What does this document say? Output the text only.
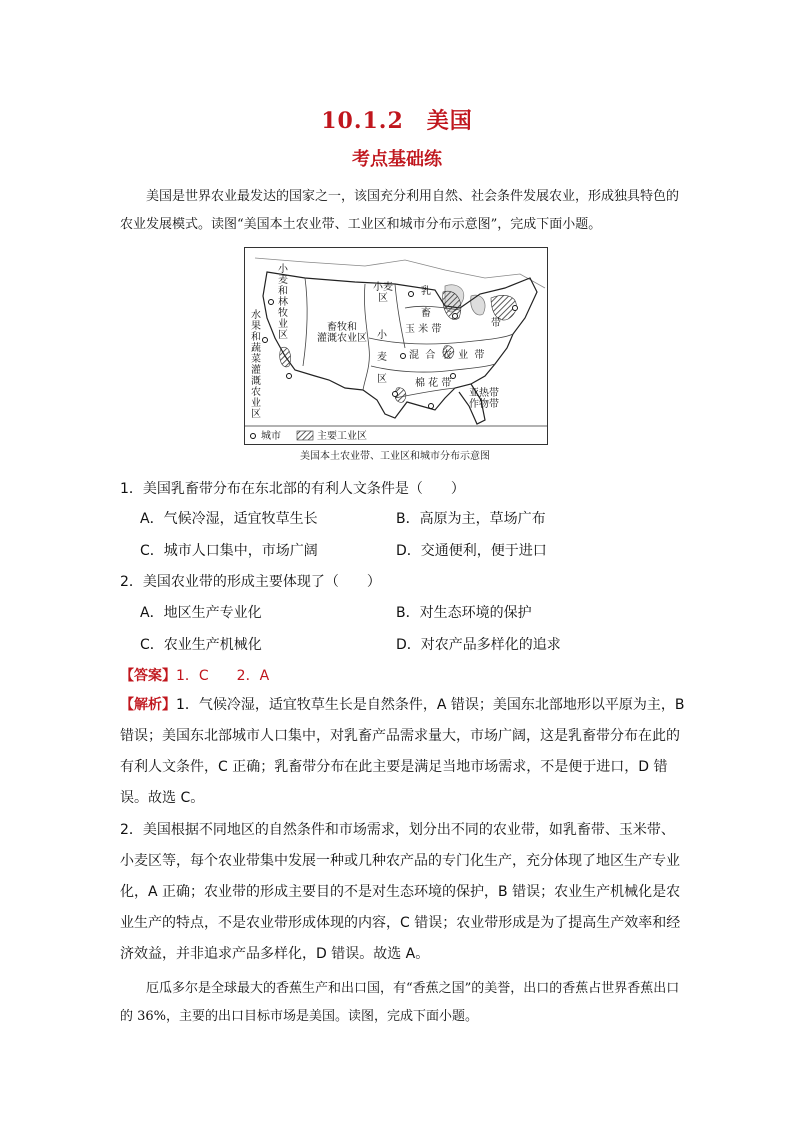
10.1.2　美国
考点基础练
美国是世界农业最发达的国家之一，该国充分利用自然、社会条件发展农业，形成独具特色的农业发展模式。读图“美国本土农业带、工业区和城市分布示意图”，完成下面小题。
小
麦
和
林
牧
业
区
水
果
和
蔬
菜
灌
溉
农
业
区
畜牧和
灌溉农业区
小麦
区
乳

畜
带
玉 米 带
小

麦

区
混  合  农  业  带
棉 花 带
亚热带
作物带
城市	主要工业区
美国本土农业带、工业区和城市分布示意图
1．美国乳畜带分布在东北部的有利人文条件是（　　）
A．气候冷湿，适宜牧草生长	B．高原为主，草场广布
C．城市人口集中，市场广阔	D．交通便利，便于进口
2．美国农业带的形成主要体现了（　　）
A．地区生产专业化	B．对生态环境的保护
C．农业生产机械化	D．对农产品多样化的追求
【答案】1．C　　2．A
【解析】1．气候冷湿，适宜牧草生长是自然条件，A 错误；美国东北部地形以平原为主，B 错误；美国东北部城市人口集中，对乳畜产品需求量大，市场广阔，这是乳畜带分布在此的有利人文条件，C 正确；乳畜带分布在此主要是满足当地市场需求，不是便于进口，D 错误。故选 C。
2．美国根据不同地区的自然条件和市场需求，划分出不同的农业带，如乳畜带、玉米带、小麦区等，每个农业带集中发展一种或几种农产品的专门化生产，充分体现了地区生产专业化，A 正确；农业带的形成主要目的不是对生态环境的保护，B 错误；农业生产机械化是农业生产的特点，不是农业带形成体现的内容，C 错误；农业带形成是为了提高生产效率和经济效益，并非追求产品多样化，D 错误。故选 A。
厄瓜多尔是全球最大的香蕉生产和出口国，有“香蕉之国”的美誉，出口的香蕉占世界香蕉出口的 36%，主要的出口目标市场是美国。读图，完成下面小题。
